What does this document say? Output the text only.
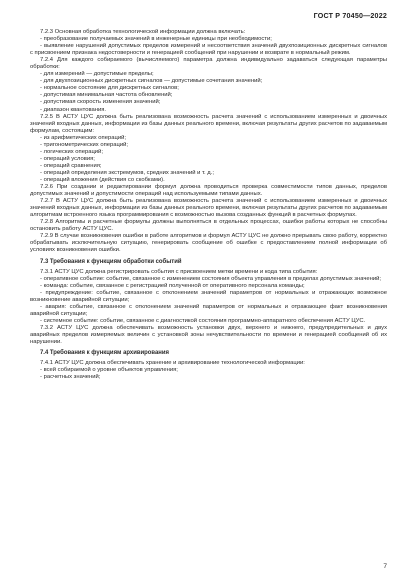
ГОСТ Р 70450—2022

7.2.3 Основная обработка технологической информации должна включать:

- преобразование получаемых значений в инженерные единицы при необходимости;

- выявление нарушений допустимых пределов измерений и несоответствия значений двухпозиционных дискретных сигналов с присвоением признака недостоверности и генерацией сообщений при нарушении и возврате в нормальный режим.

7.2.4 Для каждого собираемого (вычисляемого) параметра должна индивидуально задаваться следующая параметры обработки:

- для измерений — допустимые пределы;

- для двухпозиционных дискретных сигналов — допустимые сочетания значений;

- нормальное состояние для дискретных сигналов;

- допустимая минимальная частота обновлений;

- допустимая скорость изменения значений;

- диапазон квантования.

7.2.5 В АСТУ ЦУС должна быть реализована возможность расчета значений с использованием измеренных и двоичных значений входных данных, информации из базы данных реального времени, включая результаты других расчетов по задаваемым формулам, состоящим:

- из арифметических операций;

- тригонометрических операций;

- логических операций;

- операций условия;

- операций сравнения;

- операций определения экстремумов, средних значений и т. д.;

- операций вложения (действия со скобками).

7.2.6 При создании и редактировании формул должна проводиться проверка совместимости типов данных, пределов допустимых значений и допустимости операций над используемыми типами данных.

7.2.7 В АСТУ ЦУС должна быть реализована возможность расчета значений с использованием измеренных и двоичных значений входных данных, информации из базы данных реального времени, включая результаты других расчетов по задаваемым алгоритмам встроенного языка программирования с возможностью вызова созданных функций в расчетных формулах.

7.2.8 Алгоритмы и расчетные формулы должны выполняться в отдельных процессах, ошибки работы которых не способны остановить работу АСТУ ЦУС.

7.2.9 В случае возникновения ошибки в работе алгоритмов и формул АСТУ ЦУС не должно прерывать свою работу, корректно обрабатывать исключительную ситуацию, генерировать сообщение об ошибке с предоставлением полной информации об условиях возникновения ошибки.

7.3 Требования к функциям обработки событий

7.3.1 АСТУ ЦУС должна регистрировать события с присвоением метки времени и кода типа события:

- оперативное событие: событие, связанное с изменением состояния объекта управления в пределах допустимых значений;

- команда: событие, связанное с регистрацией полученной от оперативного персонала команды;

- предупреждение: событие, связанное с отклонением значений параметров от нормальных и отражающих возможное возникновение аварийной ситуации;

- авария: событие, связанное с отклонением значений параметров от нормальных и отражающее факт возникновения аварийной ситуации;

- системное событие: событие, связанное с диагностикой состояния программно-аппаратного обеспечения АСТУ ЦУС.

7.3.2 АСТУ ЦУС должна обеспечивать возможность установки двух, верхнего и нижнего, предупредительных и двух аварийных пределов измеряемых величин с установкой зоны нечувствительности по времени и генерацией сообщений об их нарушении.

7.4 Требования к функциям архивирования

7.4.1 АСТУ ЦУС должна обеспечивать хранение и архивирование технологической информации:

- всей собираемой о уровне объектов управления;

- расчетных значений;

7
